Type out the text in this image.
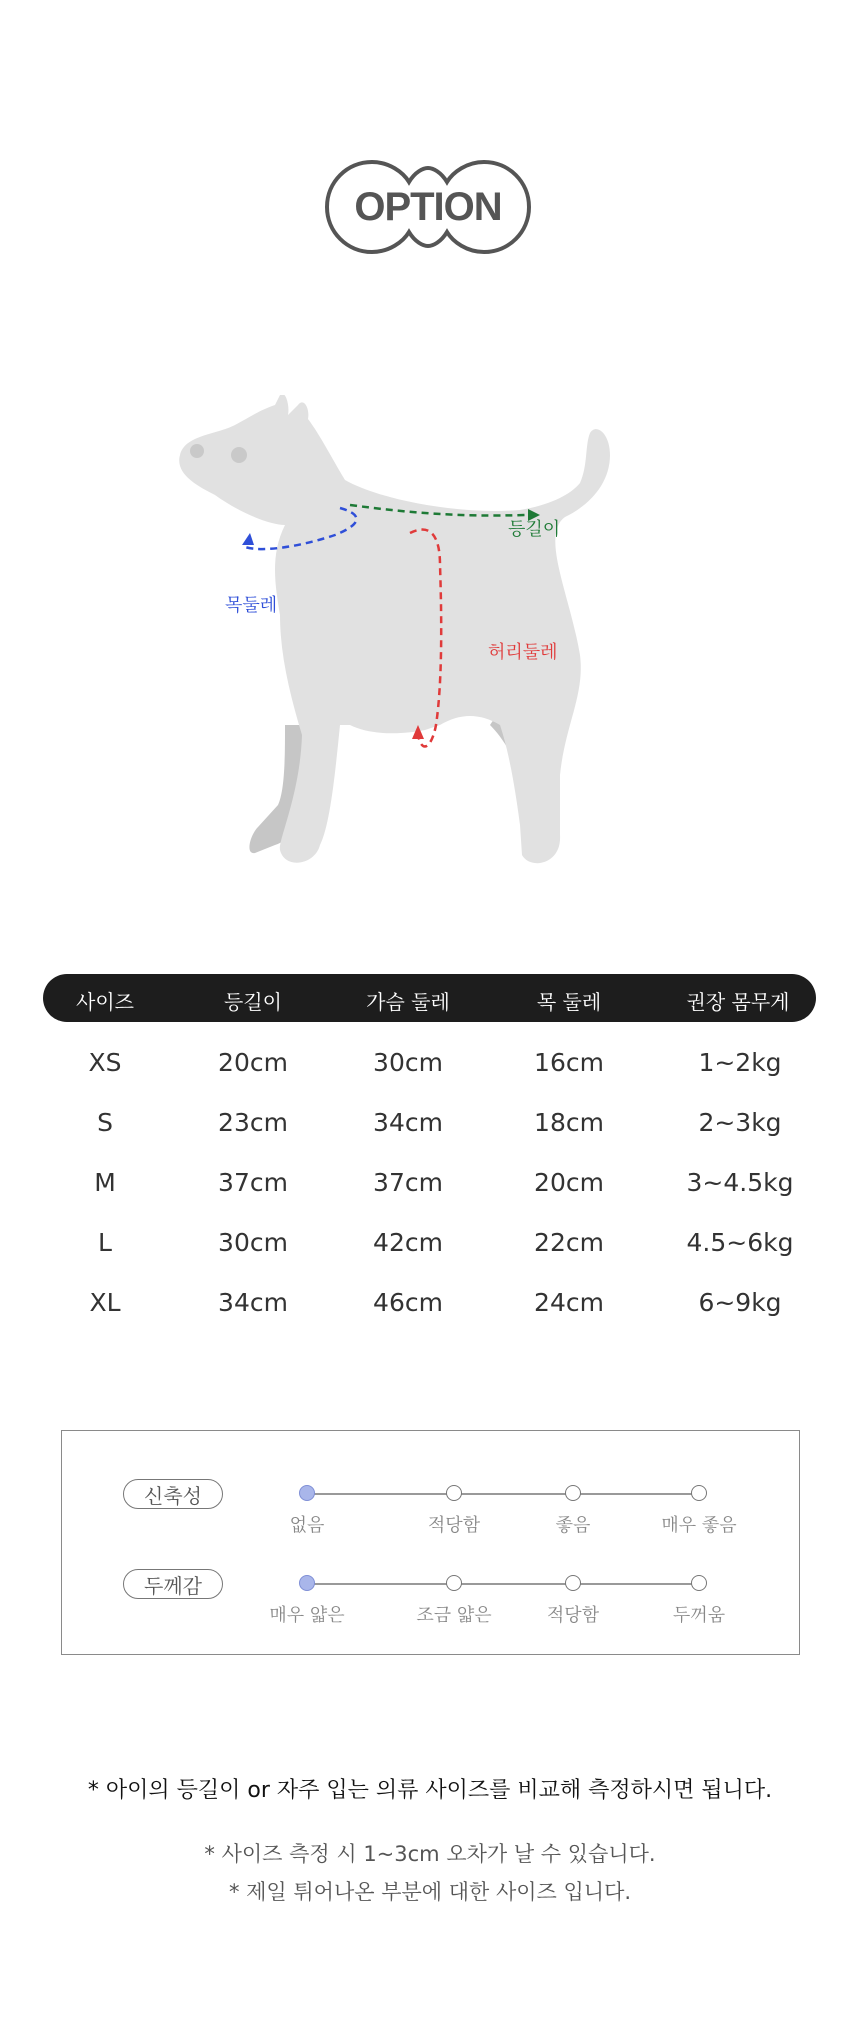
OPTION
등길이
목둘레
허리둘레
사이즈	등길이	가슴 둘레	목 둘레	권장 몸무게
XS	20cm	30cm	16cm	1~2kg
S	23cm	34cm	18cm	2~3kg
M	37cm	37cm	20cm	3~4.5kg
L	30cm	42cm	22cm	4.5~6kg
XL	34cm	46cm	24cm	6~9kg
신축성
없음	적당함	좋음	매우 좋음
두께감
매우 얇은	조금 얇은	적당함	두꺼움
* 아이의 등길이 or 자주 입는 의류 사이즈를 비교해 측정하시면 됩니다.
* 사이즈 측정 시 1~3cm 오차가 날 수 있습니다.
* 제일 튀어나온 부분에 대한 사이즈 입니다.
